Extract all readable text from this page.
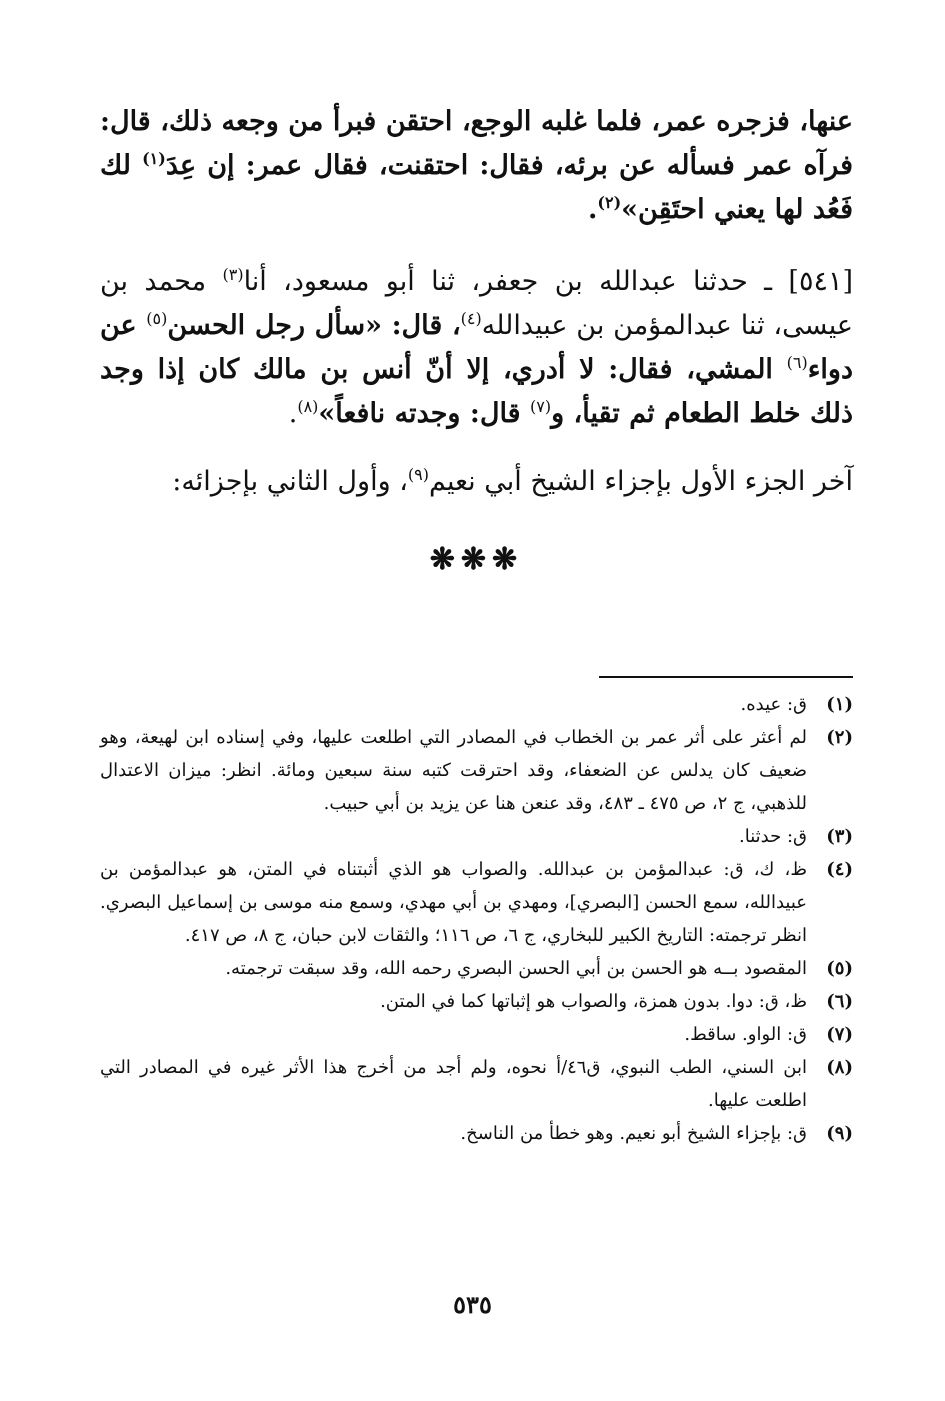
عنها، فزجره عمر، فلما غلبه الوجع، احتقن فبرأ من وجعه ذلك، قال: فرآه عمر فسأله عن برئه، فقال: احتقنت، فقال عمر: إن عِدَ$^{(١)}$ لك فَعُد لها يعني احتَقِن»$^{(٢)}$.

[٥٤١] ـ حدثنا عبدالله بن جعفر، ثنا أبو مسعود، أنا$^{(٣)}$ محمد بن عيسى، ثنا عبدالمؤمن بن عبيدالله$^{(٤)}$، قال: «سأل رجل الحسن$^{(٥)}$ عن دواء$^{(٦)}$ المشي، فقال: لا أدري، إلا أنّ أنس بن مالك كان إذا وجد ذلك خلط الطعام ثم تقيأ، و$^{(٧)}$ قال: وجدته نافعاً»$^{(٨)}$.

آخر الجزء الأول بإجزاء الشيخ أبي نعيم$^{(٩)}$، وأول الثاني بإجزائه:

❋❋❋
(١)
ق: عيده.
(٢)
لم أعثر على أثر عمر بن الخطاب في المصادر التي اطلعت عليها، وفي إسناده ابن لهيعة، وهو ضعيف كان يدلس عن الضعفاء، وقد احترقت كتبه سنة سبعين ومائة. انظر: ميزان الاعتدال للذهبي، ج ٢، ص ٤٧٥ ـ ٤٨٣، وقد عنعن هنا عن يزيد بن أبي حبيب.
(٣)
ق: حدثنا.
(٤)
ظ، ك، ق: عبدالمؤمن بن عبدالله. والصواب هو الذي أثبتناه في المتن، هو عبدالمؤمن بن عبيدالله، سمع الحسن [البصري]، ومهدي بن أبي مهدي، وسمع منه موسى بن إسماعيل البصري. انظر ترجمته: التاريخ الكبير للبخاري، ج ٦، ص ١١٦؛ والثقات لابن حبان، ج ٨، ص ٤١٧.
(٥)
المقصود بــه هو الحسن بن أبي الحسن البصري رحمه الله، وقد سبقت ترجمته.
(٦)
ظ، ق: دوا. بدون همزة، والصواب هو إثباتها كما في المتن.
(٧)
ق: الواو. ساقط.
(٨)
ابن السني، الطب النبوي، ق٤٦/أ نحوه، ولم أجد من أخرج هذا الأثر غيره في المصادر التي اطلعت عليها.
(٩)
ق: بإجزاء الشيخ أبو نعيم. وهو خطأ من الناسخ.
٥٣٥
